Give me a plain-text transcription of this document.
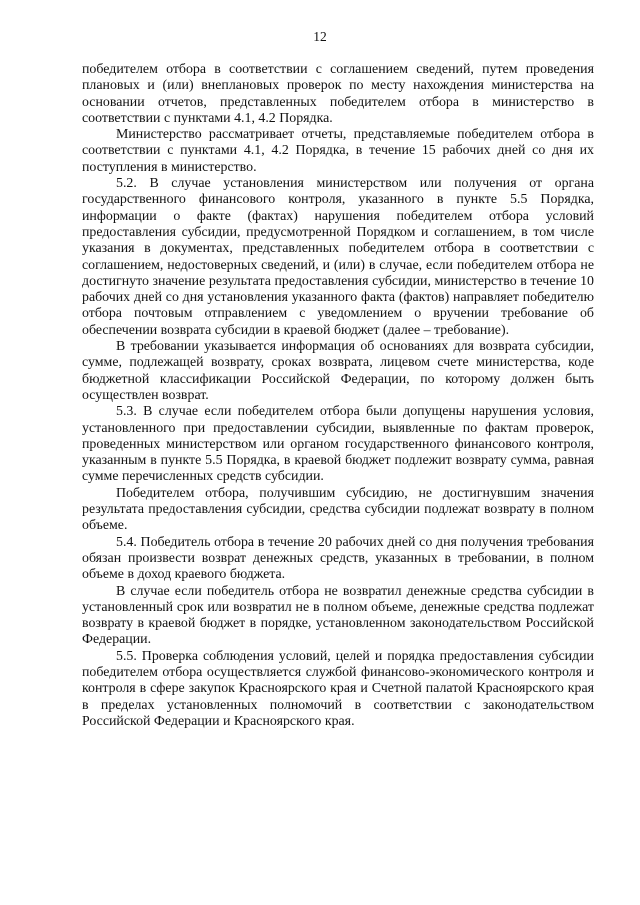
12

победителем отбора в соответствии с соглашением сведений, путем проведения плановых и (или) внеплановых проверок по месту нахождения министерства на основании отчетов, представленных победителем отбора в министерство в соответствии с пунктами 4.1, 4.2 Порядка.

Министерство рассматривает отчеты, представляемые победителем отбора в соответствии с пунктами 4.1, 4.2 Порядка, в течение 15 рабочих дней со дня их поступления в министерство.

5.2. В случае установления министерством или получения от органа государственного финансового контроля, указанного в пункте 5.5 Порядка, информации о факте (фактах) нарушения победителем отбора условий предоставления субсидии, предусмотренной Порядком и соглашением, в том числе указания в документах, представленных победителем отбора в соответствии с соглашением, недостоверных сведений, и (или) в случае, если победителем отбора не достигнуто значение результата предоставления субсидии, министерство в течение 10 рабочих дней со дня установления указанного факта (фактов) направляет победителю отбора почтовым отправлением с уведомлением о вручении требование об обеспечении возврата субсидии в краевой бюджет (далее – требование).

В требовании указывается информация об основаниях для возврата субсидии, сумме, подлежащей возврату, сроках возврата, лицевом счете министерства, коде бюджетной классификации Российской Федерации, по которому должен быть осуществлен возврат.

5.3. В случае если победителем отбора были допущены нарушения условия, установленного при предоставлении субсидии, выявленные по фактам проверок, проведенных министерством или органом государственного финансового контроля, указанным в пункте 5.5 Порядка, в краевой бюджет подлежит возврату сумма, равная сумме перечисленных средств субсидии.

Победителем отбора, получившим субсидию, не достигнувшим значения результата предоставления субсидии, средства субсидии подлежат возврату в полном объеме.

5.4. Победитель отбора в течение 20 рабочих дней со дня получения требования обязан произвести возврат денежных средств, указанных в требовании, в полном объеме в доход краевого бюджета.

В случае если победитель отбора не возвратил денежные средства субсидии в установленный срок или возвратил не в полном объеме, денежные средства подлежат возврату в краевой бюджет в порядке, установленном законодательством Российской Федерации.

5.5. Проверка соблюдения условий, целей и порядка предоставления субсидии победителем отбора осуществляется службой финансово-экономического контроля и контроля в сфере закупок Красноярского края и Счетной палатой Красноярского края в пределах установленных полномочий в соответствии с законодательством Российской Федерации и Красноярского края.
